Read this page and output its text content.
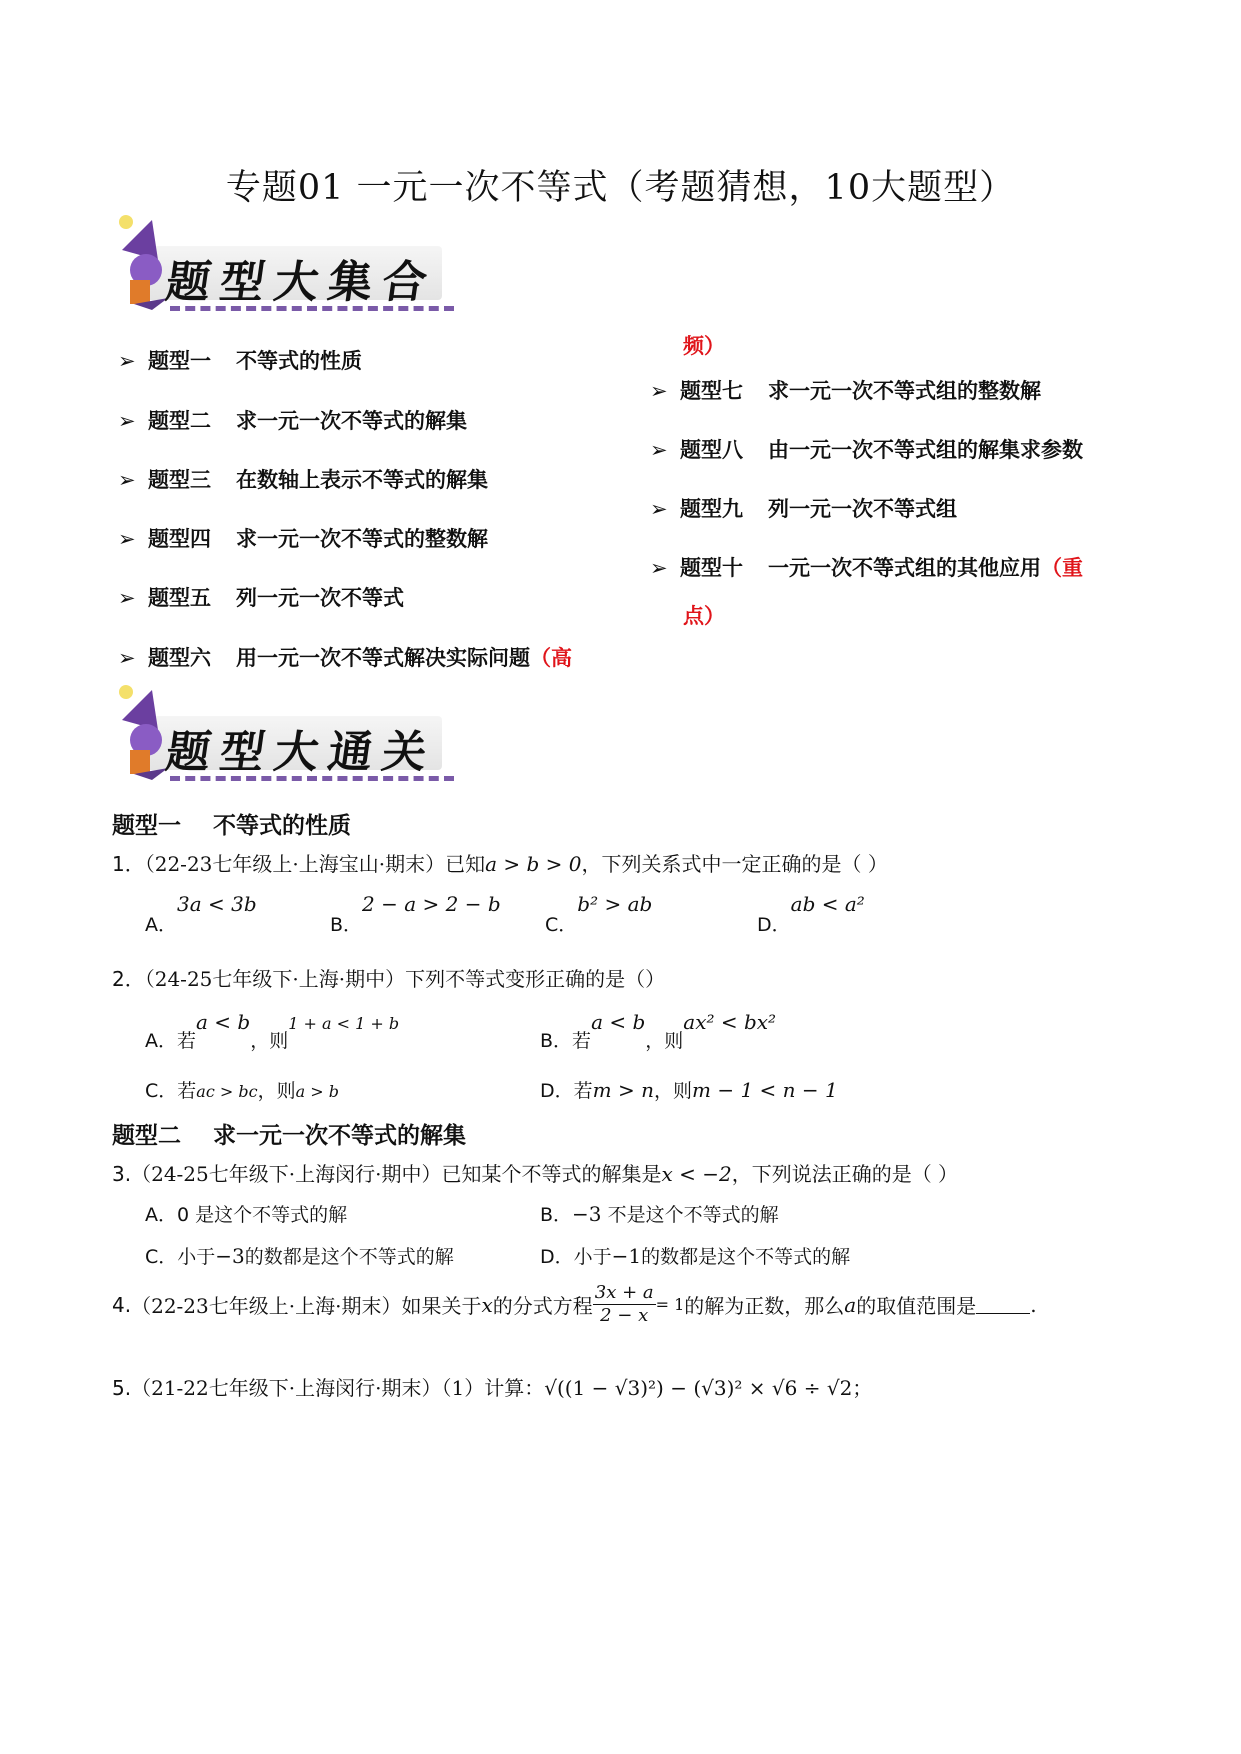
专题01 一元一次不等式（考题猜想，10大题型）
题型大集合
➢ 题型一 不等式的性质
➢ 题型二 求一元一次不等式的解集
➢ 题型三 在数轴上表示不等式的解集
➢ 题型四 求一元一次不等式的整数解
➢ 题型五 列一元一次不等式
➢ 题型六 用一元一次不等式解决实际问题（高
频）
➢ 题型七 求一元一次不等式组的整数解
➢ 题型八 由一元一次不等式组的解集求参数
➢ 题型九 列一元一次不等式组
➢ 题型十 一元一次不等式组的其他应用（重
点）
题型大通关
题型一    不等式的性质
1．（22-23七年级上·上海宝山·期末）已知a > b > 0，下列关系式中一定正确的是（ ）
A．3a < 3b
B．2 − a > 2 − b
C．b² > ab
D．ab < a²
2．（24-25七年级下·上海·期中）下列不等式变形正确的是（）
A．若a < b，则1 + a < 1 + b
B．若a < b，则ax² < bx²
C．若ac > bc，则a > b	D．若m > n，则m − 1 < n − 1
题型二    求一元一次不等式的解集
3.（24-25七年级下·上海闵行·期中）已知某个不等式的解集是x < −2，下列说法正确的是（ ）
A．0 是这个不等式的解	B．−3 不是这个不等式的解
C．小于−3的数都是这个不等式的解	D．小于−1的数都是这个不等式的解
4. （22-23七年级上·上海·期末）如果关于 x 的分式方程 $\frac{3x + a}{2 - x} = 1$ 的解为正数，那么 a 的取值范围是	.
5.（21-22七年级下·上海闵行·期末）（1）计算：√((1 − √3)²) − (√3)² × √6 ÷ √2；
